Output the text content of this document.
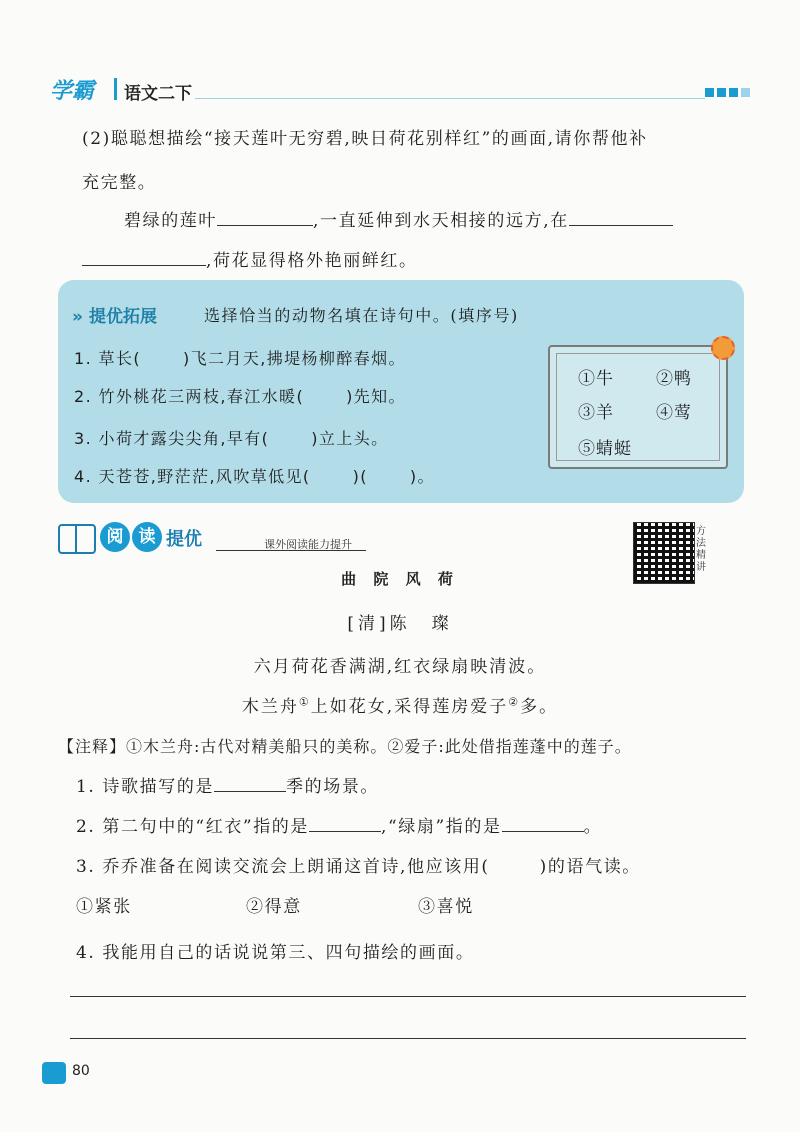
学霸 语文二下
(2)聪聪想描绘“接天莲叶无穷碧,映日荷花别样红”的画面,请你帮他补
充完整。
碧绿的莲叶	,一直延伸到水天相接的远方,在
,荷花显得格外艳丽鲜红。
» 提优拓展	选择恰当的动物名填在诗句中。(填序号)
1. 草长(	)飞二月天,拂堤杨柳醉春烟。
2. 竹外桃花三两枝,春江水暖(	)先知。
3. 小荷才露尖尖角,早有(	)立上头。
4. 天苍苍,野茫茫,风吹草低见(	)(	)。
①牛 ②鸭
③羊 ④莺
⑤蜻蜓
阅 读 提优	课外阅读能力提升
方法精讲
曲 院 风 荷
[清]陈　璨
六月荷花香满湖,红衣绿扇映清波。
木兰舟①上如花女,采得莲房爱子②多。
【注释】①木兰舟:古代对精美船只的美称。②爱子:此处借指莲蓬中的莲子。
1. 诗歌描写的是	季的场景。
2. 第二句中的“红衣”指的是	,“绿扇”指的是	。
3. 乔乔准备在阅读交流会上朗诵这首诗,他应该用(	)的语气读。
①紧张	②得意	③喜悦
4. 我能用自己的话说说第三、四句描绘的画面。
80
